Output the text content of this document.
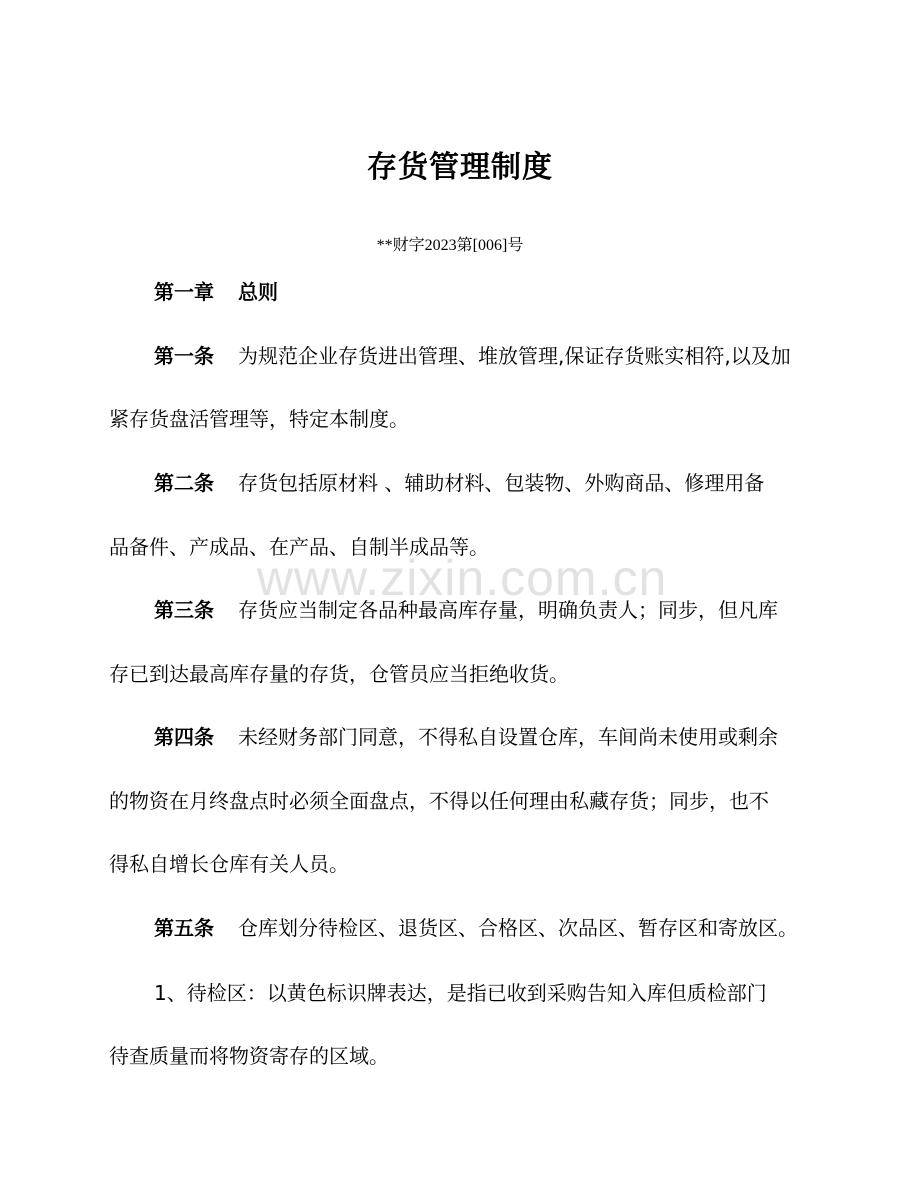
www.zixin.com.cn
存货管理制度
**财字2023第[006]号
第一章 总则
第一条 为规范企业存货进出管理、堆放管理,保证存货账实相符,以及加
紧存货盘活管理等，特定本制度。
第二条 存货包括原材料 、辅助材料、包装物、外购商品、修理用备
品备件、产成品、在产品、自制半成品等。
第三条 存货应当制定各品种最高库存量，明确负责人；同步，但凡库
存已到达最高库存量的存货，仓管员应当拒绝收货。
第四条 未经财务部门同意，不得私自设置仓库，车间尚未使用或剩余
的物资在月终盘点时必须全面盘点，不得以任何理由私藏存货；同步，也不
得私自增长仓库有关人员。
第五条 仓库划分待检区、退货区、合格区、次品区、暂存区和寄放区。
1、待检区：以黄色标识牌表达，是指已收到采购告知入库但质检部门
待查质量而将物资寄存的区域。
